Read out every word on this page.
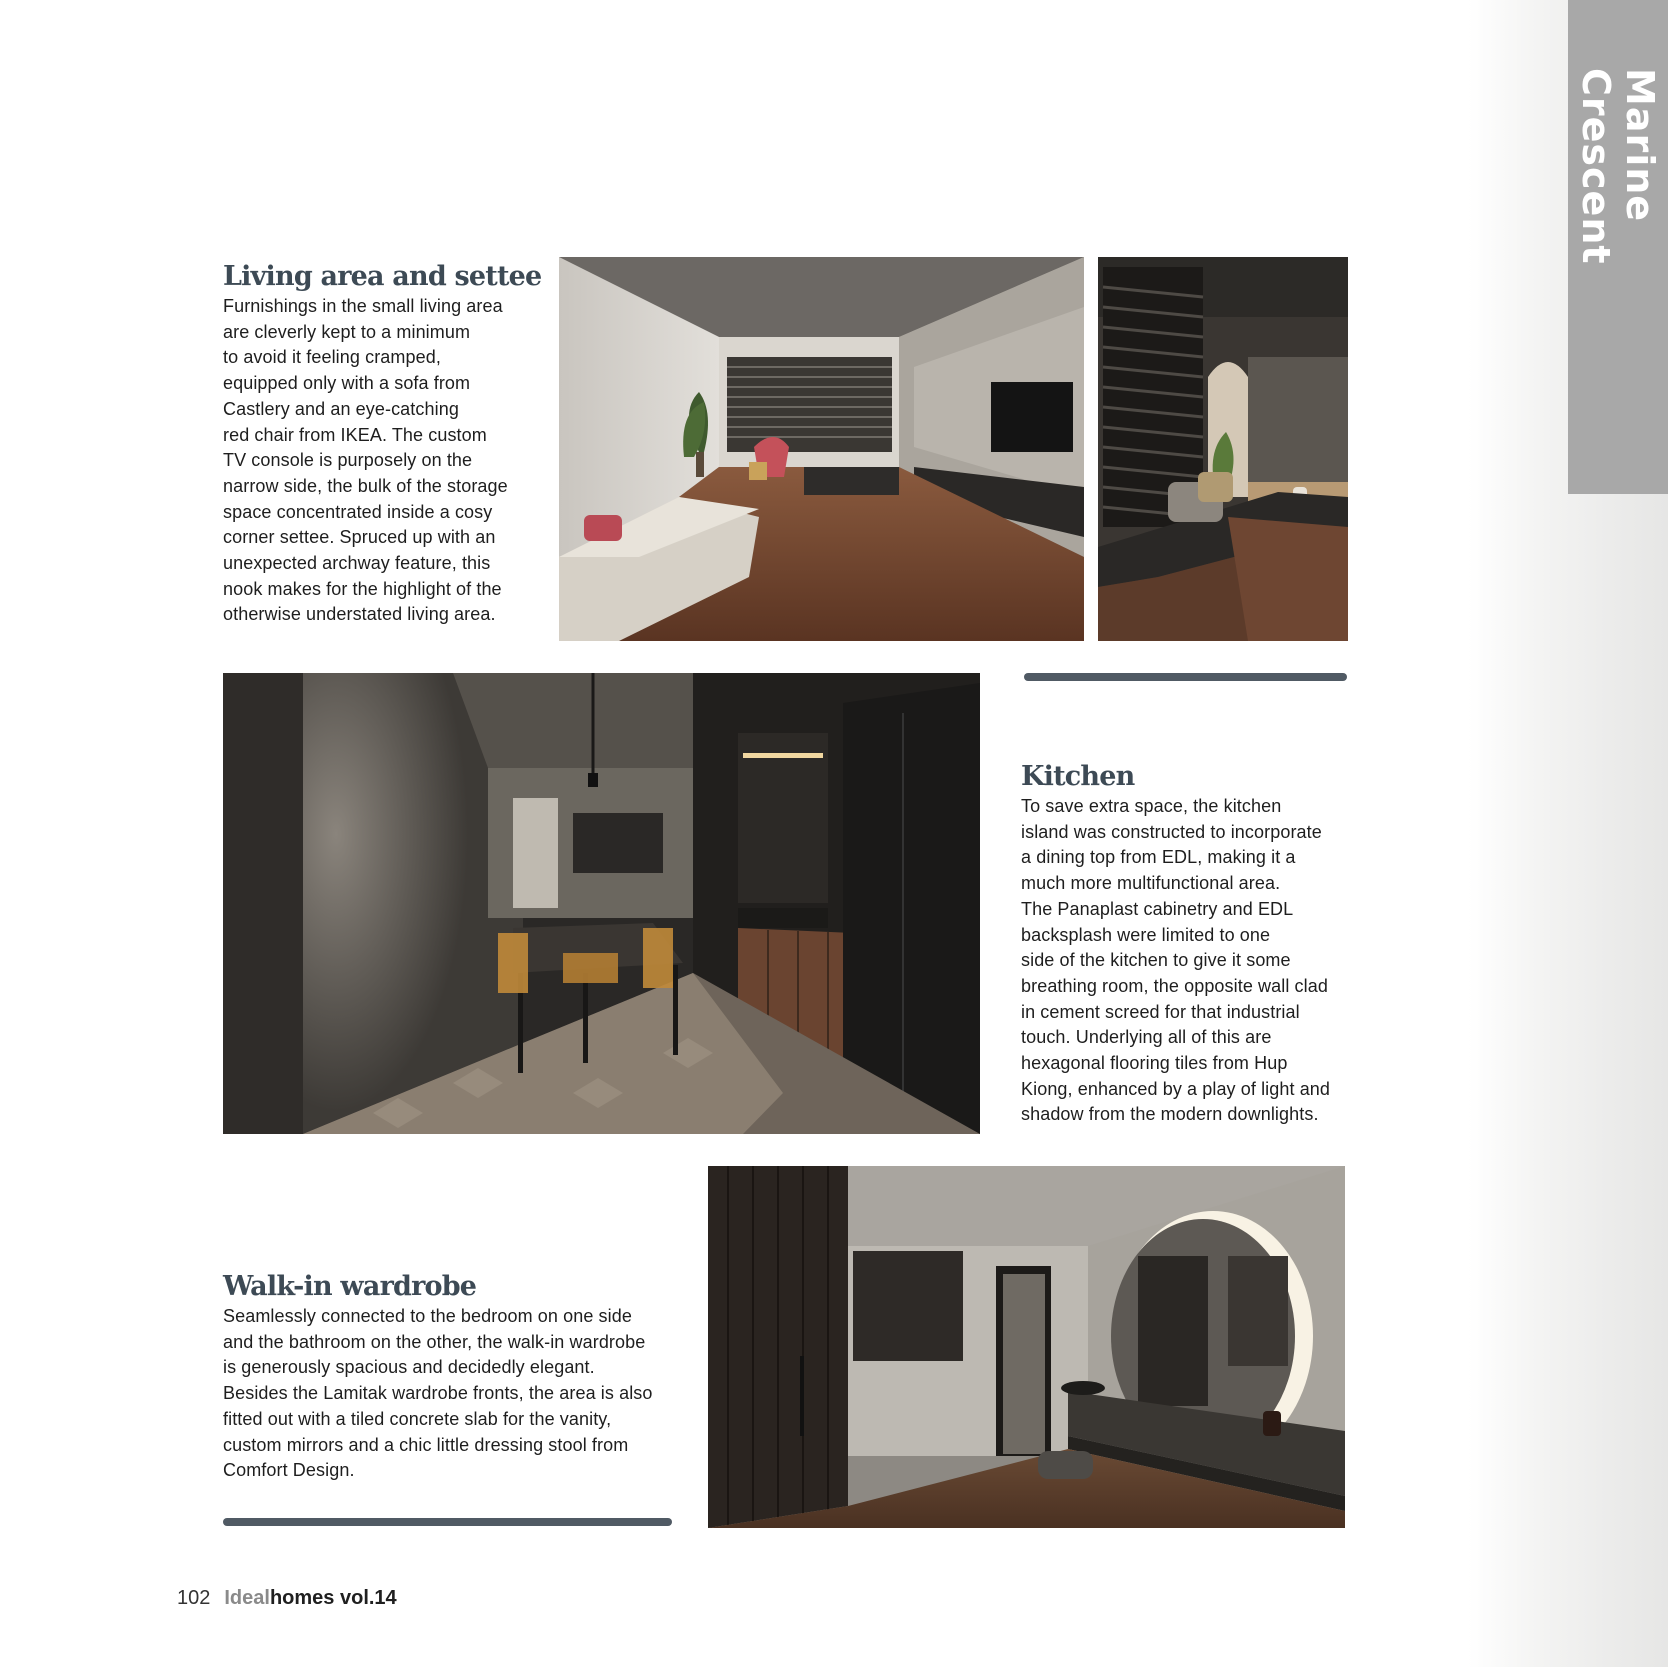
Marine Crescent
Living area and settee
Furnishings in the small living area
are cleverly kept to a minimum
to avoid it feeling cramped,
equipped only with a sofa from
Castlery and an eye-catching
red chair from IKEA. The custom
TV console is purposely on the
narrow side, the bulk of the storage
space concentrated inside a cosy
corner settee. Spruced up with an
unexpected archway feature, this
nook makes for the highlight of the
otherwise understated living area.
Kitchen
To save extra space, the kitchen
island was constructed to incorporate
a dining top from EDL, making it a
much more multifunctional area.
The Panaplast cabinetry and EDL
backsplash were limited to one
side of the kitchen to give it some
breathing room, the opposite wall clad
in cement screed for that industrial
touch. Underlying all of this are
hexagonal flooring tiles from Hup
Kiong, enhanced by a play of light and
shadow from the modern downlights.
Walk-in wardrobe
Seamlessly connected to the bedroom on one side
and the bathroom on the other, the walk-in wardrobe
is generously spacious and decidedly elegant.
Besides the Lamitak wardrobe fronts, the area is also
fitted out with a tiled concrete slab for the vanity,
custom mirrors and a chic little dressing stool from
Comfort Design.
102 Ideal homes vol.14
